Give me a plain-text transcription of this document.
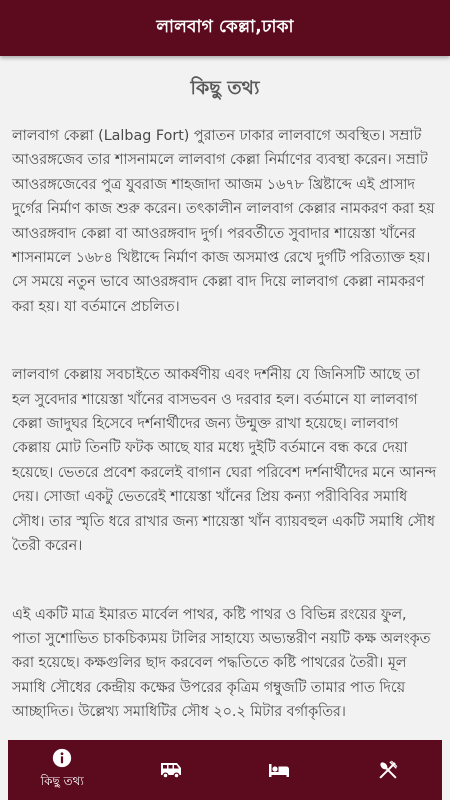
লালবাগ কেল্লা,ঢাকা
কিছু তথ্য

লালবাগ কেল্লা (Lalbag Fort) পুরাতন ঢাকার লালবাগে অবস্থিত। সম্রাট আওরঙ্গজেব তার শাসনামলে লালবাগ কেল্লা নির্মাণের ব্যবস্থা করেন। সম্রাট আওরঙ্গজেবের পুত্র যুবরাজ শাহজাদা আজম ১৬৭৮ খ্রিষ্টাব্দে এই প্রাসাদ দুর্গের নির্মাণ কাজ শুরু করেন। তৎকালীন লালবাগ কেল্লার নামকরণ করা হয় আওরঙ্গবাদ কেল্লা বা আওরঙ্গবাদ দুর্গ। পরবর্তীতে সুবাদার শায়েস্তা খাঁনের শাসনামলে ১৬৮৪ খিষ্টাব্দে নির্মাণ কাজ অসমাপ্ত রেখে দুর্গটি পরিত্যাক্ত হয়। সে সময়ে নতুন ভাবে আওরঙ্গবাদ কেল্লা বাদ দিয়ে লালবাগ কেল্লা নামকরণ করা হয়। যা বর্তমানে প্রচলিত।

লালবাগ কেল্লায় সবচাইতে আকর্ষণীয় এবং দর্শনীয় যে জিনিসটি আছে তা হল সুবেদার শায়েস্তা খাঁনের বাসভবন ও দরবার হল। বর্তমানে যা লালবাগ কেল্লা জাদুঘর হিসেবে দর্শনার্থীদের জন্য উন্মুক্ত রাখা হয়েছে। লালবাগ কেল্লায় মোট তিনটি ফটক আছে যার মধ্যে দুইটি বর্তমানে বন্ধ করে দেয়া হয়েছে। ভেতরে প্রবেশ করলেই বাগান ঘেরা পরিবেশ দর্শনার্থীদের মনে আনন্দ দেয়। সোজা একটু ভেতরেই শায়েস্তা খাঁনের প্রিয় কন্যা পরীবিবির সমাধি সৌধ। তার স্মৃতি ধরে রাখার জন্য শায়েস্তা খাঁন ব্যায়বহুল একটি সমাধি সৌধ তৈরী করেন।

এই একটি মাত্র ইমারত মার্বেল পাথর, কষ্টি পাথর ও বিভিন্ন রংয়ের ফুল, পাতা সুশোভিত চাকচিক্যময় টালির সাহায্যে অভ্যন্তরীণ নয়টি কক্ষ অলংকৃত করা হয়েছে। কক্ষগুলির ছাদ করবেল পদ্ধতিতে কষ্টি পাথরের তৈরী। মূল সমাধি সৌধের কেন্দ্রীয় কক্ষের উপরের কৃত্রিম গম্বুজটি তামার পাত দিয়ে আচ্ছাদিত। উল্লেখ্য সমাধিটির সৌধ ২০.২ মিটার বর্গাকৃতির।

কিছু তথ্য
